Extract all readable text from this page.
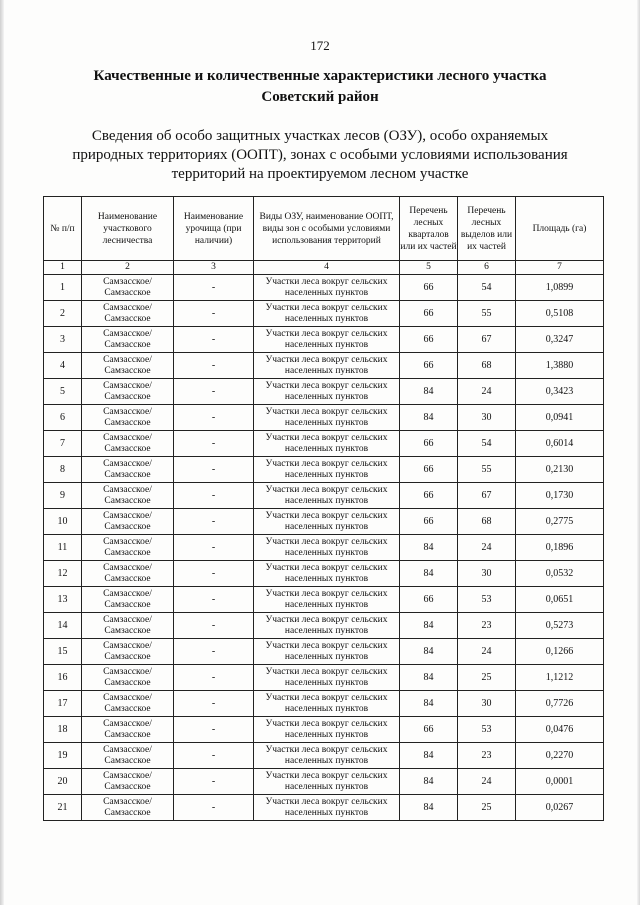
172
Качественные и количественные характеристики лесного участка
Советский район
Сведения об особо защитных участках лесов (ОЗУ), особо охраняемых
природных территориях (ООПТ), зонах с особыми условиями использования
территорий на проектируемом лесном участке
№ п/п	Наименование участкового лесничества	Наименование урочища (при наличии)	Виды ОЗУ, наименование ООПТ, виды зон с особыми условиями использования территорий	Перечень лесных кварталов или их частей	Перечень лесных выделов или их частей	Площадь (га)
1	2	3	4	5	6	7
1	Самзасское/ Самзасское	-	Участки леса вокруг сельских населенных пунктов	66	54	1,0899
2	Самзасское/ Самзасское	-	Участки леса вокруг сельских населенных пунктов	66	55	0,5108
3	Самзасское/ Самзасское	-	Участки леса вокруг сельских населенных пунктов	66	67	0,3247
4	Самзасское/ Самзасское	-	Участки леса вокруг сельских населенных пунктов	66	68	1,3880
5	Самзасское/ Самзасское	-	Участки леса вокруг сельских населенных пунктов	84	24	0,3423
6	Самзасское/ Самзасское	-	Участки леса вокруг сельских населенных пунктов	84	30	0,0941
7	Самзасское/ Самзасское	-	Участки леса вокруг сельских населенных пунктов	66	54	0,6014
8	Самзасское/ Самзасское	-	Участки леса вокруг сельских населенных пунктов	66	55	0,2130
9	Самзасское/ Самзасское	-	Участки леса вокруг сельских населенных пунктов	66	67	0,1730
10	Самзасское/ Самзасское	-	Участки леса вокруг сельских населенных пунктов	66	68	0,2775
11	Самзасское/ Самзасское	-	Участки леса вокруг сельских населенных пунктов	84	24	0,1896
12	Самзасское/ Самзасское	-	Участки леса вокруг сельских населенных пунктов	84	30	0,0532
13	Самзасское/ Самзасское	-	Участки леса вокруг сельских населенных пунктов	66	53	0,0651
14	Самзасское/ Самзасское	-	Участки леса вокруг сельских населенных пунктов	84	23	0,5273
15	Самзасское/ Самзасское	-	Участки леса вокруг сельских населенных пунктов	84	24	0,1266
16	Самзасское/ Самзасское	-	Участки леса вокруг сельских населенных пунктов	84	25	1,1212
17	Самзасское/ Самзасское	-	Участки леса вокруг сельских населенных пунктов	84	30	0,7726
18	Самзасское/ Самзасское	-	Участки леса вокруг сельских населенных пунктов	66	53	0,0476
19	Самзасское/ Самзасское	-	Участки леса вокруг сельских населенных пунктов	84	23	0,2270
20	Самзасское/ Самзасское	-	Участки леса вокруг сельских населенных пунктов	84	24	0,0001
21	Самзасское/ Самзасское	-	Участки леса вокруг сельских населенных пунктов	84	25	0,0267
